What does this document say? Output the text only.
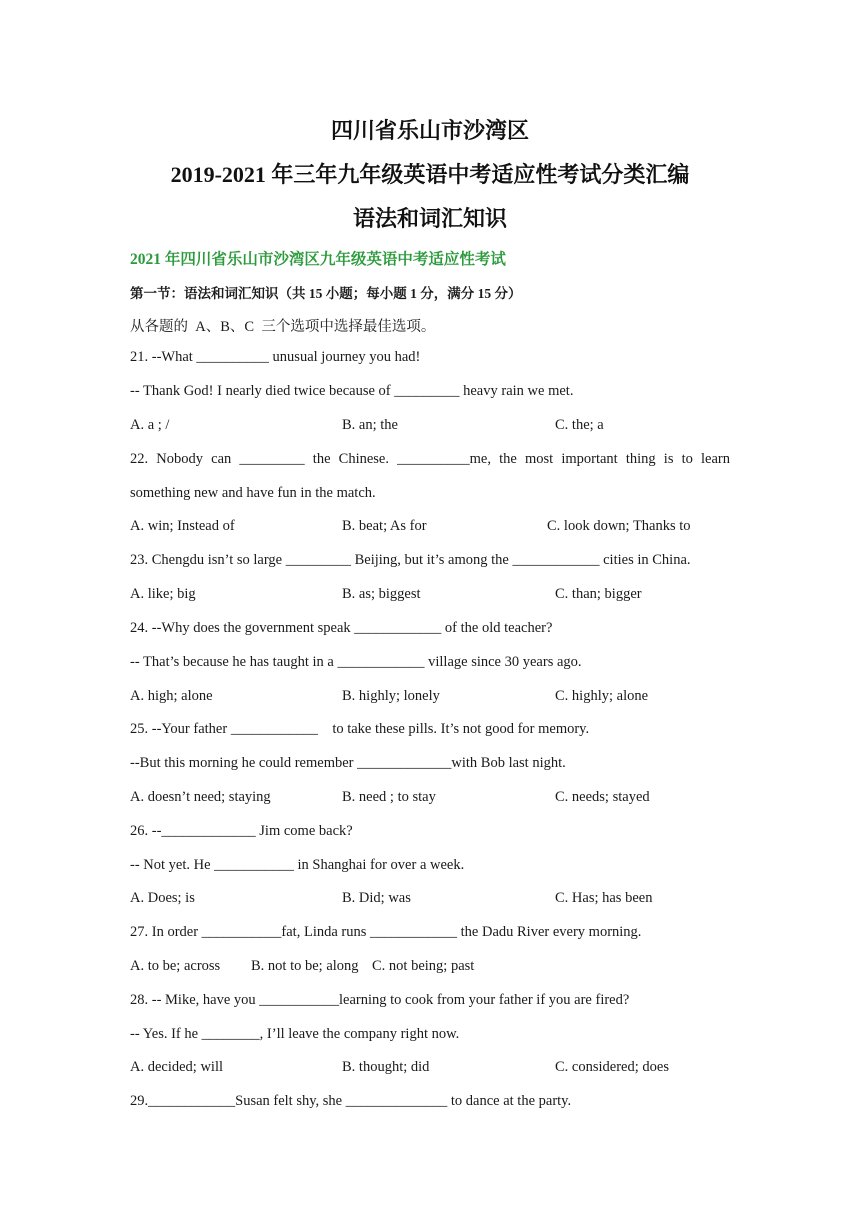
四川省乐山市沙湾区
2019-2021 年三年九年级英语中考适应性考试分类汇编
语法和词汇知识
2021 年四川省乐山市沙湾区九年级英语中考适应性考试
第一节：语法和词汇知识（共 15 小题；每小题 1 分，满分 15 分）
从各题的  A、B、C  三个选项中选择最佳选项。
21. --What __________ unusual journey you had!
-- Thank God! I nearly died twice because of _________ heavy rain we met.
A. a ; /	B. an; the	C. the; a
22. Nobody can _________ the Chinese. __________me, the most important thing is to learn
something new and have fun in the match.
A. win; Instead of	B. beat; As for	C. look down; Thanks to
23. Chengdu isn’t so large _________ Beijing, but it’s among the ____________ cities in China.
A. like; big	B. as; biggest	C. than; bigger
24. --Why does the government speak ____________ of the old teacher?
-- That’s because he has taught in a ____________ village since 30 years ago.
A. high; alone	B. highly; lonely	C. highly; alone
25. --Your father ____________    to take these pills. It’s not good for memory.
--But this morning he could remember _____________with Bob last night.
A. doesn’t need; staying	B. need ; to stay	C. needs; stayed
26. --_____________ Jim come back?
-- Not yet. He ___________ in Shanghai for over a week.
A. Does; is	B. Did; was	C. Has; has been
27. In order ___________fat, Linda runs ____________ the Dadu River every morning.
A. to be; across B. not to be; along C. not being; past
28. -- Mike, have you ___________learning to cook from your father if you are fired?
-- Yes. If he ________, I’ll leave the company right now.
A. decided; will	B. thought; did	C. considered; does
29.____________Susan felt shy, she ______________ to dance at the party.
